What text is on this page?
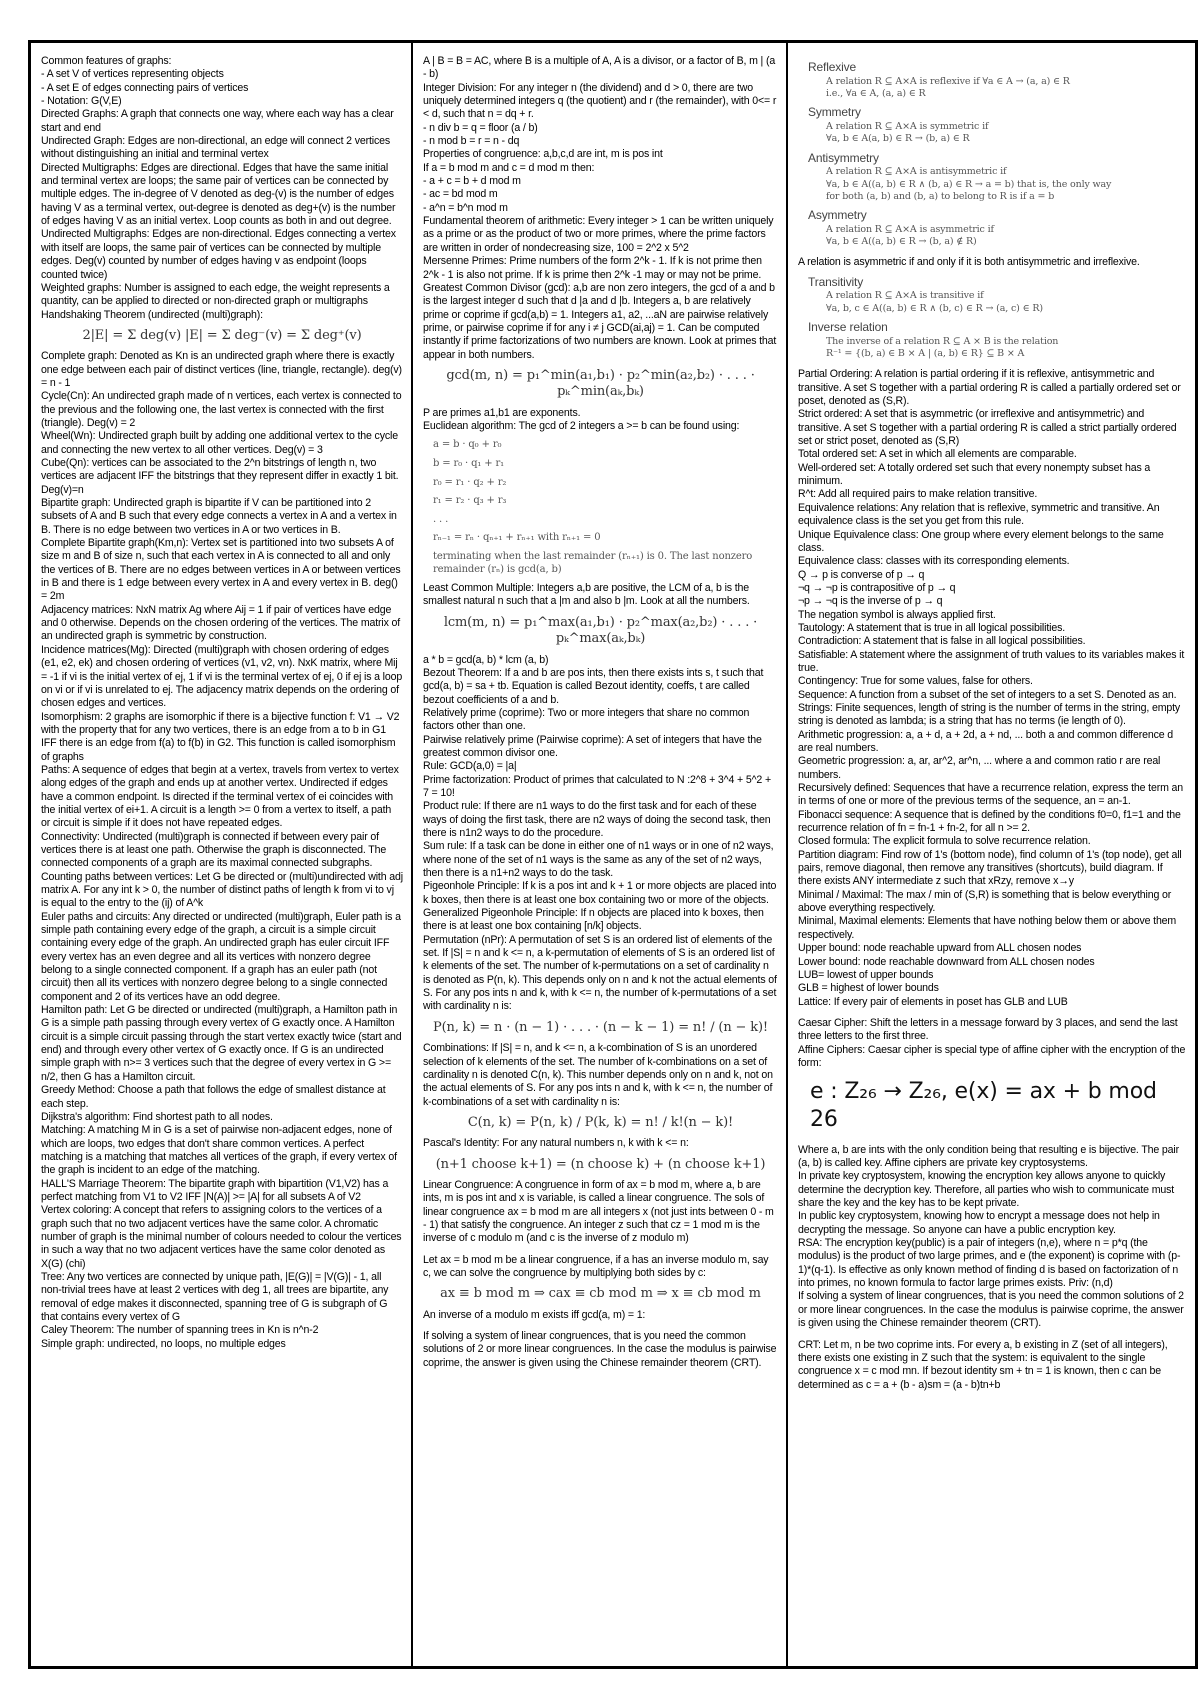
Common features of graphs:

- A set V of vertices representing objects

- A set E of edges connecting pairs of vertices

- Notation: G(V,E)

Directed Graphs: A graph that connects one way, where each way has a clear start and end

Undirected Graph: Edges are non-directional, an edge will connect 2 vertices without distinguishing an initial and terminal vertex

Directed Multigraphs: Edges are directional. Edges that have the same initial and terminal vertex are loops; the same pair of vertices can be connected by multiple edges. The in-degree of V denoted as deg-(v) is the number of edges having V as a terminal vertex, out-degree is denoted as deg+(v) is the number of edges having V as an initial vertex. Loop counts as both in and out degree.

Undirected Multigraphs: Edges are non-directional. Edges connecting a vertex with itself are loops, the same pair of vertices can be connected by multiple edges. Deg(v) counted by number of edges having v as endpoint (loops counted twice)

Weighted graphs: Number is assigned to each edge, the weight represents a quantity, can be applied to directed or non-directed graph or multigraphs

Handshaking Theorem (undirected (multi)graph):

2|E| = Σ deg(v) |E| = Σ deg⁻(v) = Σ deg⁺(v)

Complete graph: Denoted as Kn is an undirected graph where there is exactly one edge between each pair of distinct vertices (line, triangle, rectangle). deg(v) = n - 1

Cycle(Cn): An undirected graph made of n vertices, each vertex is connected to the previous and the following one, the last vertex is connected with the first (triangle). Deg(v) = 2

Wheel(Wn): Undirected graph built by adding one additional vertex to the cycle and connecting the new vertex to all other vertices. Deg(v) = 3

Cube(Qn): vertices can be associated to the 2^n bitstrings of length n, two vertices are adjacent IFF the bitstrings that they represent differ in exactly 1 bit. Deg(v)=n

Bipartite graph: Undirected graph is bipartite if V can be partitioned into 2 subsets of A and B such that every edge connects a vertex in A and a vertex in B. There is no edge between two vertices in A or two vertices in B.

Complete Bipartite graph(Km,n): Vertex set is partitioned into two subsets A of size m and B of size n, such that each vertex in A is connected to all and only the vertices of B. There are no edges between vertices in A or between vertices in B and there is 1 edge between every vertex in A and every vertex in B. deg() = 2m

Adjacency matrices: NxN matrix Ag where Aij = 1 if pair of vertices have edge and 0 otherwise. Depends on the chosen ordering of the vertices. The matrix of an undirected graph is symmetric by construction.

Incidence matrices(Mg): Directed (multi)graph with chosen ordering of edges (e1, e2, ek) and chosen ordering of vertices (v1, v2, vn). NxK matrix, where Mij = -1 if vi is the initial vertex of ej, 1 if vi is the terminal vertex of ej, 0 if ej is a loop on vi or if vi is unrelated to ej. The adjacency matrix depends on the ordering of chosen edges and vertices.

Isomorphism: 2 graphs are isomorphic if there is a bijective function f: V1 → V2 with the property that for any two vertices, there is an edge from a to b in G1 IFF there is an edge from f(a) to f(b) in G2. This function is called isomorphism of graphs

Paths: A sequence of edges that begin at a vertex, travels from vertex to vertex along edges of the graph and ends up at another vertex. Undirected if edges have a common endpoint. Is directed if the terminal vertex of ei coincides with the initial vertex of ei+1. A circuit is a length >= 0 from a vertex to itself, a path or circuit is simple if it does not have repeated edges.

Connectivity: Undirected (multi)graph is connected if between every pair of vertices there is at least one path. Otherwise the graph is disconnected. The connected components of a graph are its maximal connected subgraphs.

Counting paths between vertices: Let G be directed or (multi)undirected with adj matrix A. For any int k > 0, the number of distinct paths of length k from vi to vj is equal to the entry to the (ij) of A^k

Euler paths and circuits: Any directed or undirected (multi)graph, Euler path is a simple path containing every edge of the graph, a circuit is a simple circuit containing every edge of the graph. An undirected graph has euler circuit IFF every vertex has an even degree and all its vertices with nonzero degree belong to a single connected component. If a graph has an euler path (not circuit) then all its vertices with nonzero degree belong to a single connected component and 2 of its vertices have an odd degree.

Hamilton path: Let G be directed or undirected (multi)graph, a Hamilton path in G is a simple path passing through every vertex of G exactly once. A Hamilton circuit is a simple circuit passing through the start vertex exactly twice (start and end) and through every other vertex of G exactly once. If G is an undirected simple graph with n>= 3 vertices such that the degree of every vertex in G >= n/2, then G has a Hamilton circuit.

Greedy Method: Choose a path that follows the edge of smallest distance at each step.

Dijkstra's algorithm: Find shortest path to all nodes.

Matching: A matching M in G is a set of pairwise non-adjacent edges, none of which are loops, two edges that don't share common vertices. A perfect matching is a matching that matches all vertices of the graph, if every vertex of the graph is incident to an edge of the matching.

HALL'S Marriage Theorem: The bipartite graph with bipartition (V1,V2) has a perfect matching from V1 to V2 IFF |N(A)| >= |A| for all subsets A of V2

Vertex coloring: A concept that refers to assigning colors to the vertices of a graph such that no two adjacent vertices have the same color. A chromatic number of graph is the minimal number of colours needed to colour the vertices in such a way that no two adjacent vertices have the same color denoted as X(G) (chi)

Tree: Any two vertices are connected by unique path, |E(G)| = |V(G)| - 1, all non-trivial trees have at least 2 vertices with deg 1, all trees are bipartite, any removal of edge makes it disconnected, spanning tree of G is subgraph of G that contains every vertex of G

Caley Theorem: The number of spanning trees in Kn is n^n-2

Simple graph: undirected, no loops, no multiple edges

A | B = B = AC, where B is a multiple of A, A is a divisor, or a factor of B, m | (a - b)

Integer Division: For any integer n (the dividend) and d > 0, there are two uniquely determined integers q (the quotient) and r (the remainder), with 0<= r < d, such that n = dq + r.

- n div b = q = floor (a / b)

- n mod b = r = n - dq

Properties of congruence: a,b,c,d are int, m is pos int

If a = b mod m and c = d mod m then:

- a + c = b + d mod m

- ac = bd mod m

- a^n = b^n mod m

Fundamental theorem of arithmetic: Every integer > 1 can be written uniquely as a prime or as the product of two or more primes, where the prime factors are written in order of nondecreasing size, 100 = 2^2 x 5^2

Mersenne Primes: Prime numbers of the form 2^k - 1. If k is not prime then 2^k - 1 is also not prime. If k is prime then 2^k -1 may or may not be prime.

Greatest Common Divisor (gcd): a,b are non zero integers, the gcd of a and b is the largest integer d such that d |a and d |b. Integers a, b are relatively prime or coprime if gcd(a,b) = 1. Integers a1, a2, ...aN are pairwise relatively prime, or pairwise coprime if for any i ≠ j GCD(ai,aj) = 1. Can be computed instantly if prime factorizations of two numbers are known. Look at primes that appear in both numbers.

gcd(m, n) = p₁^min(a₁,b₁) · p₂^min(a₂,b₂) · . . . · pₖ^min(aₖ,bₖ)

P are primes a1,b1 are exponents.

Euclidean algorithm: The gcd of 2 integers a >= b can be found using:

a = b · q₀ + r₀

b = r₀ · q₁ + r₁

r₀ = r₁ · q₂ + r₂

r₁ = r₂ · q₃ + r₃

. . .

rₙ₋₁ = rₙ · qₙ₊₁ + rₙ₊₁ with rₙ₊₁ = 0

terminating when the last remainder (rₙ₊₁) is 0. The last nonzero remainder (rₙ) is gcd(a, b)

Least Common Multiple: Integers a,b are positive, the LCM of a, b is the smallest natural n such that a |m and also b |m. Look at all the numbers.

lcm(m, n) = p₁^max(a₁,b₁) · p₂^max(a₂,b₂) · . . . · pₖ^max(aₖ,bₖ)

a * b = gcd(a, b) * lcm (a, b)

Bezout Theorem: If a and b are pos ints, then there exists ints s, t such that gcd(a, b) = sa + tb. Equation is called Bezout identity, coeffs, t are called bezout coefficients of a and b.

Relatively prime (coprime): Two or more integers that share no common factors other than one.

Pairwise relatively prime (Pairwise coprime): A set of integers that have the greatest common divisor one.

Rule: GCD(a,0) = |a|

Prime factorization: Product of primes that calculated to N :2^8 + 3^4 + 5^2 + 7 = 10!

Product rule: If there are n1 ways to do the first task and for each of these ways of doing the first task, there are n2 ways of doing the second task, then there is n1n2 ways to do the procedure.

Sum rule: If a task can be done in either one of n1 ways or in one of n2 ways, where none of the set of n1 ways is the same as any of the set of n2 ways, then there is a n1+n2 ways to do the task.

Pigeonhole Principle: If k is a pos int and k + 1 or more objects are placed into k boxes, then there is at least one box containing two or more of the objects.

Generalized Pigeonhole Principle: If n objects are placed into k boxes, then there is at least one box containing [n/k] objects.

Permutation (nPr): A permutation of set S is an ordered list of elements of the set. If |S| = n and k <= n, a k-permutation of elements of S is an ordered list of k elements of the set. The number of k-permutations on a set of cardinality n is denoted as P(n, k). This depends only on n and k not the actual elements of S. For any pos ints n and k, with k <= n, the number of k-permutations of a set with cardinality n is:

P(n, k) = n · (n − 1) · . . . · (n − k − 1) = n! / (n − k)!

Combinations: If |S| = n, and k <= n, a k-combination of S is an unordered selection of k elements of the set. The number of k-combinations on a set of cardinality n is denoted C(n, k). This number depends only on n and k, not on the actual elements of S. For any pos ints n and k, with k <= n, the number of k-combinations of a set with cardinality n is:

C(n, k) = P(n, k) / P(k, k) = n! / k!(n − k)!

Pascal's Identity: For any natural numbers n, k with k <= n:

(n+1 choose k+1) = (n choose k) + (n choose k+1)

Linear Congruence: A congruence in form of ax = b mod m, where a, b are ints, m is pos int and x is variable, is called a linear congruence. The sols of linear congruence ax = b mod m are all integers x (not just ints between 0 - m - 1) that satisfy the congruence. An integer z such that cz = 1 mod m is the inverse of c modulo m (and c is the inverse of z modulo m)

Let ax = b mod m be a linear congruence, if a has an inverse modulo m, say c, we can solve the congruence by multiplying both sides by c:

ax ≡ b mod m ⇒ cax ≡ cb mod m ⇒ x ≡ cb mod m

An inverse of a modulo m exists iff gcd(a, m) = 1:

If solving a system of linear congruences, that is you need the common solutions of 2 or more linear congruences. In the case the modulus is pairwise coprime, the answer is given using the Chinese remainder theorem (CRT).

Reflexive
A relation R ⊆ A×A is reflexive if ∀a ∈ A → (a, a) ∈ R
i.e., ∀a ∈ A, (a, a) ∈ R
Symmetry
A relation R ⊆ A×A is symmetric if
∀a, b ∈ A(a, b) ∈ R → (b, a) ∈ R
Antisymmetry
A relation R ⊆ A×A is antisymmetric if
∀a, b ∈ A((a, b) ∈ R ∧ (b, a) ∈ R → a = b) that is, the only way
for both (a, b) and (b, a) to belong to R is if a = b
Asymmetry
A relation R ⊆ A×A is asymmetric if
∀a, b ∈ A((a, b) ∈ R → (b, a) ∉ R)

A relation is asymmetric if and only if it is both antisymmetric and irreflexive.

Transitivity
A relation R ⊆ A×A is transitive if
∀a, b, c ∈ A((a, b) ∈ R ∧ (b, c) ∈ R → (a, c) ∈ R)
Inverse relation
The inverse of a relation R ⊆ A × B is the relation
R⁻¹ = {(b, a) ∈ B × A | (a, b) ∈ R} ⊆ B × A

Partial Ordering: A relation is partial ordering if it is reflexive, antisymmetric and transitive. A set S together with a partial ordering R is called a partially ordered set or poset, denoted as (S,R).

Strict ordered: A set that is asymmetric (or irreflexive and antisymmetric) and transitive. A set S together with a partial ordering R is called a strict partially ordered set or strict poset, denoted as (S,R)

Total ordered set: A set in which all elements are comparable.

Well-ordered set: A totally ordered set such that every nonempty subset has a minimum.

R^t: Add all required pairs to make relation transitive.

Equivalence relations: Any relation that is reflexive, symmetric and transitive. An equivalence class is the set you get from this rule.

Unique Equivalence class: One group where every element belongs to the same class.

Equivalence class: classes with its corresponding elements.

Q → p is converse of p → q

¬q → ¬p is contrapositive of p → q

¬p → ¬q is the inverse of p → q

The negation symbol is always applied first.

Tautology: A statement that is true in all logical possibilities.

Contradiction: A statement that is false in all logical possibilities.

Satisfiable: A statement where the assignment of truth values to its variables makes it true.

Contingency: True for some values, false for others.

Sequence: A function from a subset of the set of integers to a set S. Denoted as an.

Strings: Finite sequences, length of string is the number of terms in the string, empty string is denoted as lambda; is a string that has no terms (ie length of 0).

Arithmetic progression: a, a + d, a + 2d, a + nd, ... both a and common difference d are real numbers.

Geometric progression: a, ar, ar^2, ar^n, ... where a and common ratio r are real numbers.

Recursively defined: Sequences that have a recurrence relation, express the term an in terms of one or more of the previous terms of the sequence, an = an-1.

Fibonacci sequence: A sequence that is defined by the conditions f0=0, f1=1 and the recurrence relation of fn = fn-1 + fn-2, for all n >= 2.

Closed formula: The explicit formula to solve recurrence relation.

Partition diagram: Find row of 1's (bottom node), find column of 1's (top node), get all pairs, remove diagonal, then remove any transitives (shortcuts), build diagram. If there exists ANY intermediate z such that xRzy, remove x→y

Minimal / Maximal: The max / min of (S,R) is something that is below everything or above everything respectively.

Minimal, Maximal elements: Elements that have nothing below them or above them respectively.

Upper bound: node reachable upward from ALL chosen nodes

Lower bound: node reachable downward from ALL chosen nodes

LUB= lowest of upper bounds

GLB = highest of lower bounds

Lattice: If every pair of elements in poset has GLB and LUB

Caesar Cipher: Shift the letters in a message forward by 3 places, and send the last three letters to the first three.

Affine Ciphers: Caesar cipher is special type of affine cipher with the encryption of the form:

e : Z₂₆ → Z₂₆, e(x) = ax + b mod 26

Where a, b are ints with the only condition being that resulting e is bijective. The pair (a, b) is called key. Affine ciphers are private key cryptosystems.

In private key cryptosystem, knowing the encryption key allows anyone to quickly determine the decryption key. Therefore, all parties who wish to communicate must share the key and the key has to be kept private.

In public key cryptosystem, knowing how to encrypt a message does not help in decrypting the message. So anyone can have a public encryption key.

RSA: The encryption key(public) is a pair of integers (n,e), where n = p*q (the modulus) is the product of two large primes, and e (the exponent) is coprime with (p-1)*(q-1). Is effective as only known method of finding d is based on factorization of n into primes, no known formula to factor large primes exists. Priv: (n,d)

If solving a system of linear congruences, that is you need the common solutions of 2 or more linear congruences. In the case the modulus is pairwise coprime, the answer is given using the Chinese remainder theorem (CRT).

CRT: Let m, n be two coprime ints. For every a, b existing in Z (set of all integers), there exists one existing in Z such that the system: is equivalent to the single congruence x = c mod mn. If bezout identity sm + tn = 1 is known, then c can be determined as c = a + (b - a)sm = (a - b)tn+b
